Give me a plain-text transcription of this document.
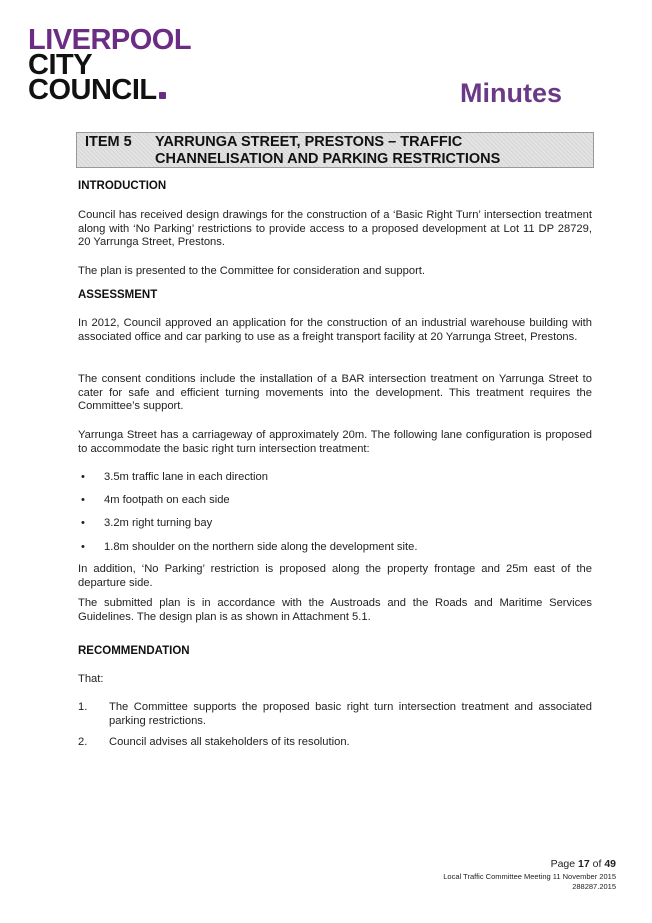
LIVERPOOL
CITY
COUNCIL	Minutes
ITEM 5 YARRUNGA STREET, PRESTONS – TRAFFIC CHANNELISATION AND PARKING RESTRICTIONS
INTRODUCTION
Council has received design drawings for the construction of a ‘Basic Right Turn’ intersection treatment along with ‘No Parking’ restrictions to provide access to a proposed development at Lot 11 DP 28729, 20 Yarrunga Street, Prestons.
The plan is presented to the Committee for consideration and support.
ASSESSMENT
In 2012, Council approved an application for the construction of an industrial warehouse building with associated office and car parking to use as a freight transport facility at 20 Yarrunga Street, Prestons.
The consent conditions include the installation of a BAR intersection treatment on Yarrunga Street to cater for safe and efficient turning movements into the development. This treatment requires the Committee’s support.
Yarrunga Street has a carriageway of approximately 20m. The following lane configuration is proposed to accommodate the basic right turn intersection treatment:
• 3.5m traffic lane in each direction
• 4m footpath on each side
• 3.2m right turning bay
• 1.8m shoulder on the northern side along the development site.
In addition, ‘No Parking’ restriction is proposed along the property frontage and 25m east of the departure side.
The submitted plan is in accordance with the Austroads and the Roads and Maritime Services Guidelines. The design plan is as shown in Attachment 5.1.
RECOMMENDATION
That:
1. The Committee supports the proposed basic right turn intersection treatment and associated parking restrictions.
2. Council advises all stakeholders of its resolution.
Page 17 of 49
Local Traffic Committee Meeting 11 November 2015
288287.2015
